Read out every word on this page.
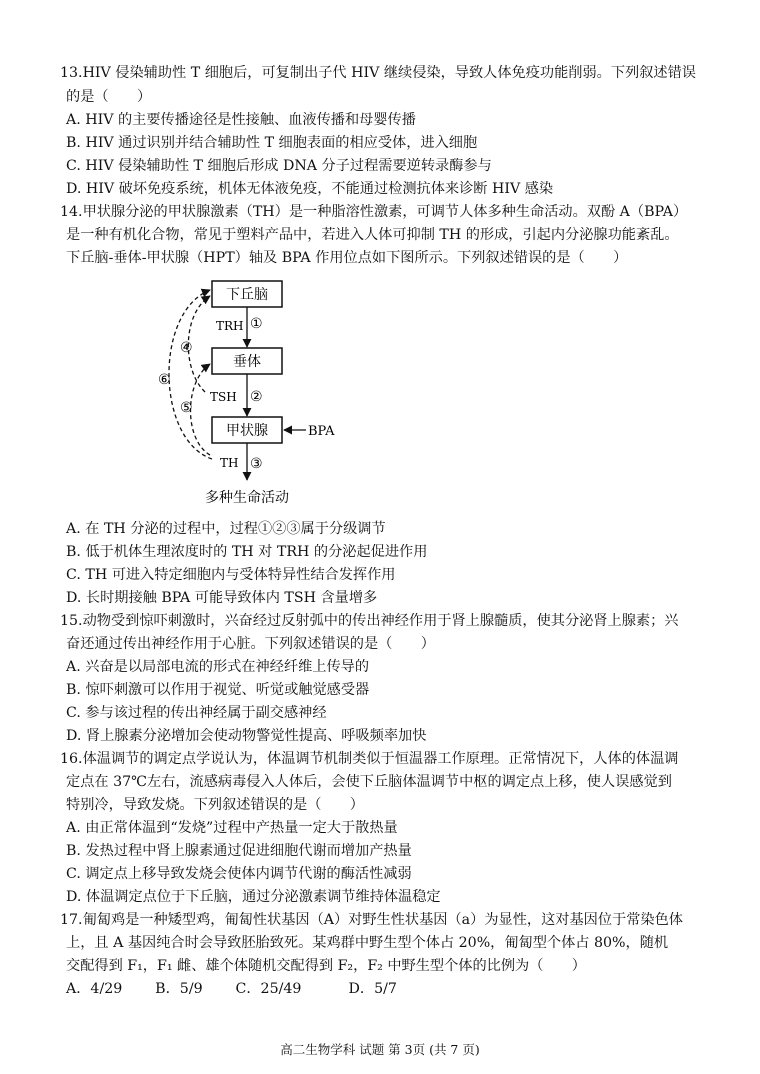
13.HIV 侵染辅助性 T 细胞后，可复制出子代 HIV 继续侵染，导致人体免疫功能削弱。下列叙述错误
的是（　　）
A. HIV 的主要传播途径是性接触、血液传播和母婴传播
B. HIV 通过识别并结合辅助性 T 细胞表面的相应受体，进入细胞
C. HIV 侵染辅助性 T 细胞后形成 DNA 分子过程需要逆转录酶参与
D. HIV 破坏免疫系统，机体无体液免疫，不能通过检测抗体来诊断 HIV 感染
14.甲状腺分泌的甲状腺激素（TH）是一种脂溶性激素，可调节人体多种生命活动。双酚 A（BPA）
是一种有机化合物，常见于塑料产品中，若进入人体可抑制 TH 的形成，引起内分泌腺功能紊乱。
下丘脑-垂体-甲状腺（HPT）轴及 BPA 作用位点如下图所示。下列叙述错误的是（　　）
下丘脑
垂体
甲状腺
TRH ①
TSH ②
TH ③
BPA
④
⑤
⑥
多种生命活动
A. 在 TH 分泌的过程中，过程①②③属于分级调节
B. 低于机体生理浓度时的 TH 对 TRH 的分泌起促进作用
C. TH 可进入特定细胞内与受体特异性结合发挥作用
D. 长时期接触 BPA 可能导致体内 TSH 含量增多
15.动物受到惊吓刺激时，兴奋经过反射弧中的传出神经作用于肾上腺髓质，使其分泌肾上腺素；兴
奋还通过传出神经作用于心脏。下列叙述错误的是（　　）
A. 兴奋是以局部电流的形式在神经纤维上传导的
B. 惊吓刺激可以作用于视觉、听觉或触觉感受器
C. 参与该过程的传出神经属于副交感神经
D. 肾上腺素分泌增加会使动物警觉性提高、呼吸频率加快
16.体温调节的调定点学说认为，体温调节机制类似于恒温器工作原理。正常情况下，人体的体温调
定点在 37℃左右，流感病毒侵入人体后，会使下丘脑体温调节中枢的调定点上移，使人误感觉到
特别冷，导致发烧。下列叙述错误的是（　　）
A. 由正常体温到“发烧”过程中产热量一定大于散热量
B. 发热过程中肾上腺素通过促进细胞代谢而增加产热量
C. 调定点上移导致发烧会使体内调节代谢的酶活性减弱
D. 体温调定点位于下丘脑，通过分泌激素调节维持体温稳定
17.匍匐鸡是一种矮型鸡，匍匐性状基因（A）对野生性状基因（a）为显性，这对基因位于常染色体
上，且 A 基因纯合时会导致胚胎致死。某鸡群中野生型个体占 20%，匍匐型个体占 80%，随机
交配得到 F₁，F₁ 雌、雄个体随机交配得到 F₂，F₂ 中野生型个体的比例为（　　）
A．4/29　　 B．5/9　　 C．25/49　　　 D．5/7
高二生物学科 试题 第 3页 (共 7 页)
